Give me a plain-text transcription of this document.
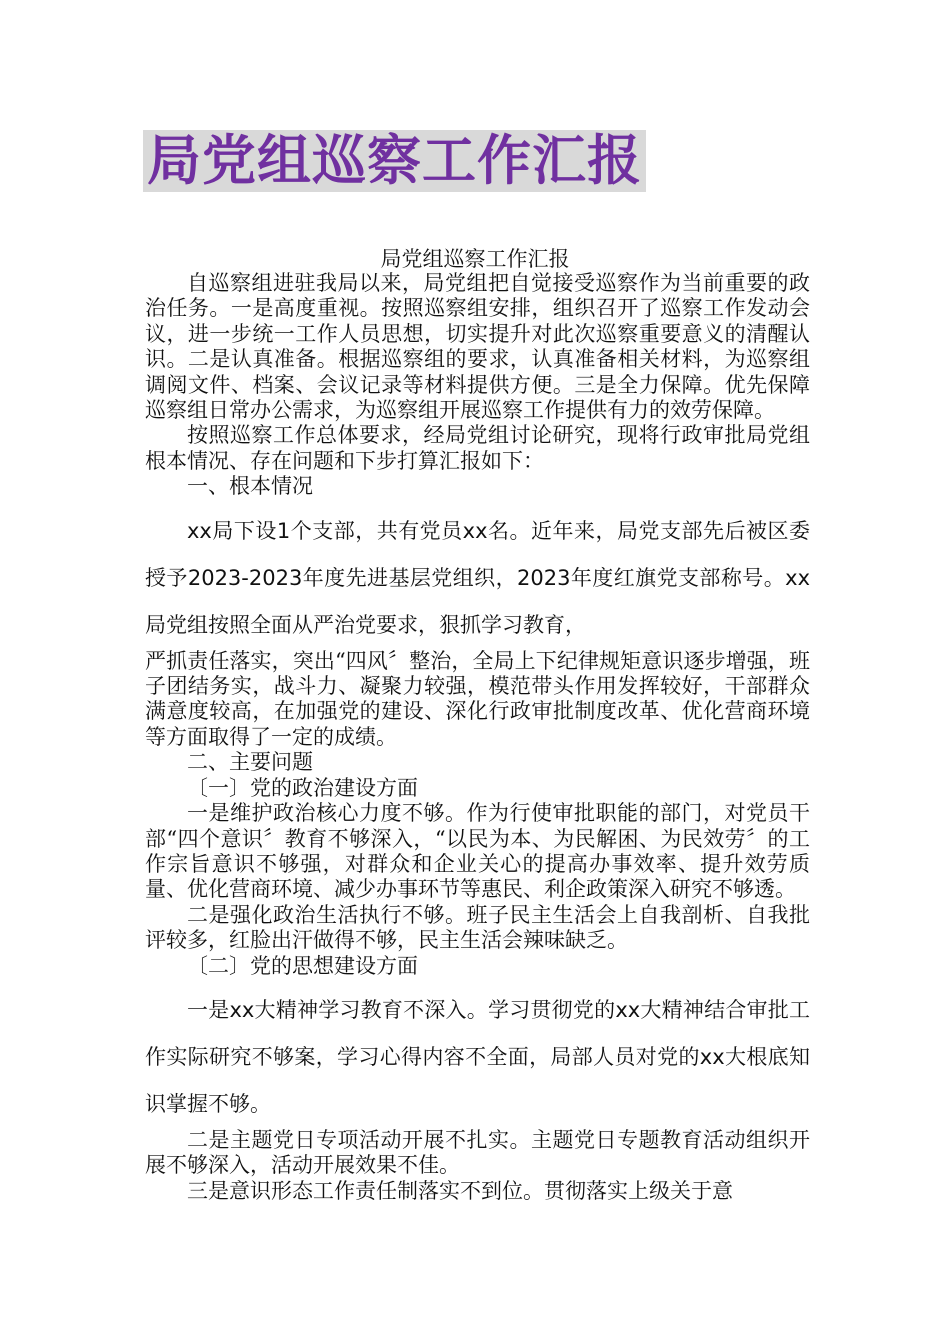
局党组巡察工作汇报
局党组巡察工作汇报

自巡察组进驻我局以来，局党组把自觉接受巡察作为当前重要的政治任务。一是高度重视。按照巡察组安排，组织召开了巡察工作发动会议，进一步统一工作人员思想，切实提升对此次巡察重要意义的清醒认识。二是认真准备。根据巡察组的要求，认真准备相关材料，为巡察组调阅文件、档案、会议记录等材料提供方便。三是全力保障。优先保障巡察组日常办公需求，为巡察组开展巡察工作提供有力的效劳保障。

按照巡察工作总体要求，经局党组讨论研究，现将行政审批局党组根本情况、存在问题和下步打算汇报如下：

一、根本情况

xx局下设1个支部，共有党员xx名。近年来，局党支部先后被区委授予2023-2023年度先进基层党组织，2023年度红旗党支部称号。xx局党组按照全面从严治党要求，狠抓学习教育，

严抓责任落实，突出“四风〞整治，全局上下纪律规矩意识逐步增强，班子团结务实，战斗力、凝聚力较强，模范带头作用发挥较好，干部群众满意度较高，在加强党的建设、深化行政审批制度改革、优化营商环境等方面取得了一定的成绩。

二、主要问题

〔一〕党的政治建设方面

一是维护政治核心力度不够。作为行使审批职能的部门，对党员干部“四个意识〞教育不够深入，“以民为本、为民解困、为民效劳〞的工作宗旨意识不够强，对群众和企业关心的提高办事效率、提升效劳质量、优化营商环境、减少办事环节等惠民、利企政策深入研究不够透。

二是强化政治生活执行不够。班子民主生活会上自我剖析、自我批评较多，红脸出汗做得不够，民主生活会辣味缺乏。

〔二〕党的思想建设方面

一是xx大精神学习教育不深入。学习贯彻党的xx大精神结合审批工作实际研究不够案，学习心得内容不全面，局部人员对党的xx大根底知识掌握不够。

二是主题党日专项活动开展不扎实。主题党日专题教育活动组织开展不够深入，活动开展效果不佳。

三是意识形态工作责任制落实不到位。贯彻落实上级关于意
